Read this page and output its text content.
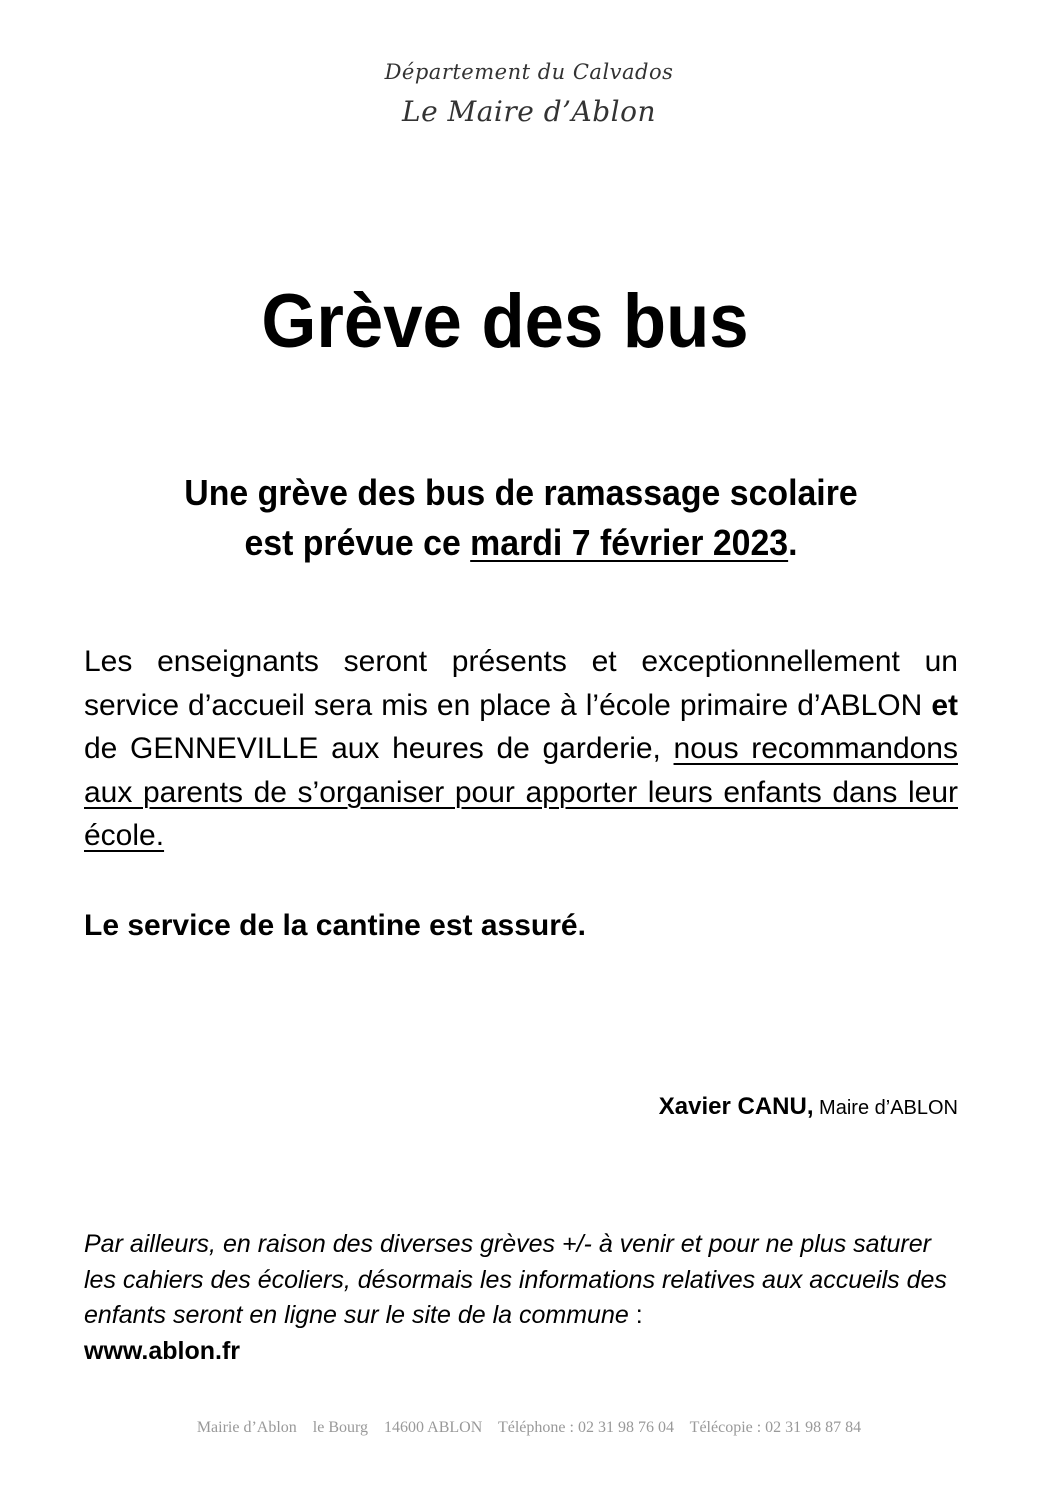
Département du Calvados
Le Maire d’Ablon
Grève des bus
Une grève des bus de ramassage scolaire
est prévue ce mardi 7 février 2023.
Les enseignants seront présents et exceptionnellement un service d’accueil sera mis en place à l’école primaire d’ABLON et de GENNEVILLE aux heures de garderie, nous recommandons aux parents de s’organiser pour apporter leurs enfants dans leur école.
Le service de la cantine est assuré.
Xavier CANU, Maire d’ABLON
Par ailleurs, en raison des diverses grèves +/- à venir et pour ne plus saturer les cahiers des écoliers, désormais les informations relatives aux accueils des enfants seront en ligne sur le site de la commune :
www.ablon.fr
Mairie d’Ablon    le Bourg    14600 ABLON    Téléphone : 02 31 98 76 04    Télécopie : 02 31 98 87 84
